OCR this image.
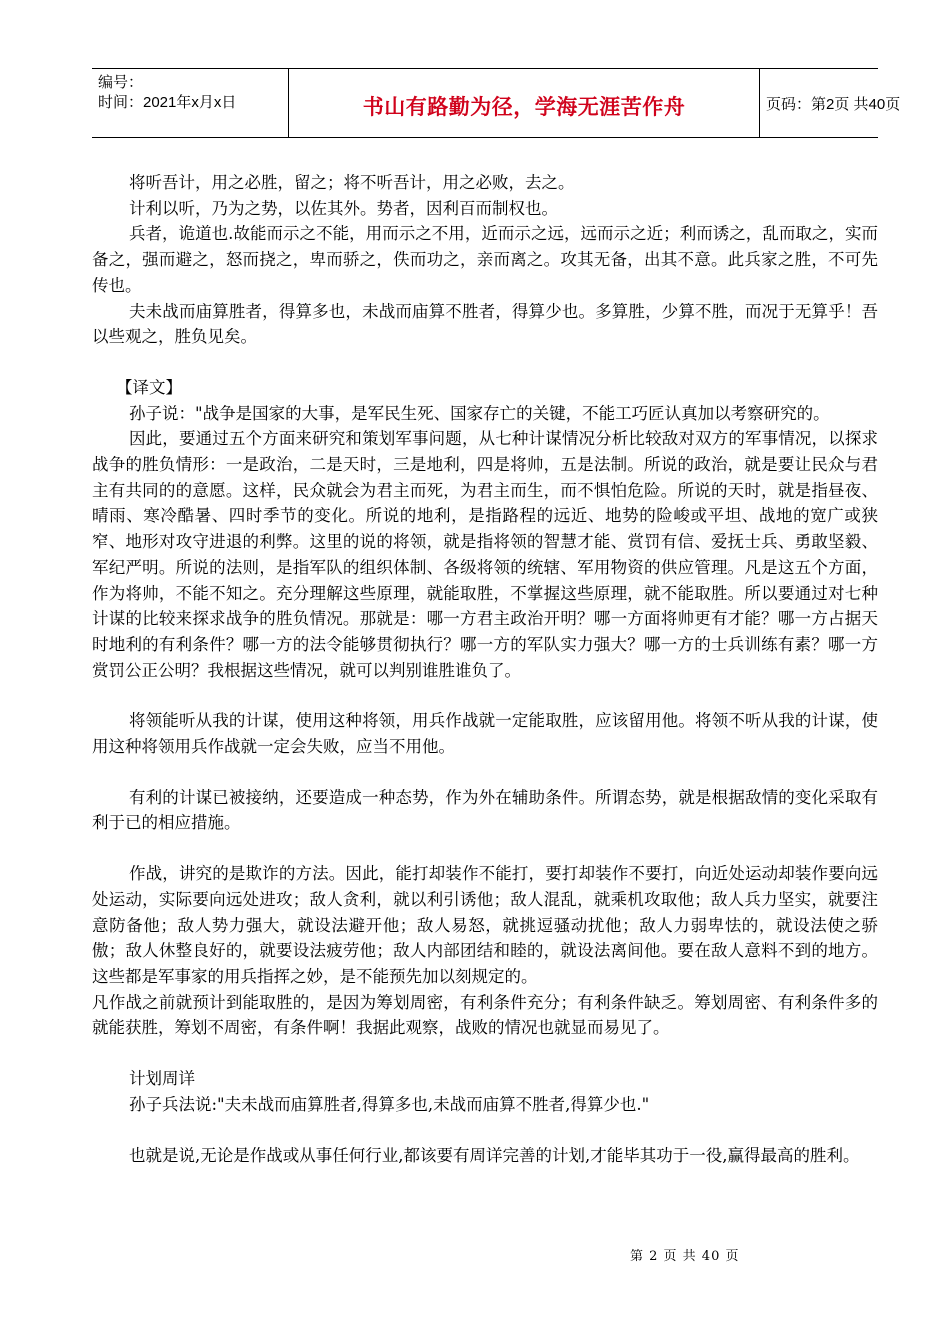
编号：
时间：2021年x月x日	书山有路勤为径，学海无涯苦作舟	页码：第2页 共40页

将听吾计，用之必胜，留之；将不听吾计，用之必败，去之。

计利以听，乃为之势，以佐其外。势者，因利百而制权也。

兵者，诡道也.故能而示之不能，用而示之不用，近而示之远，远而示之近；利而诱之，乱而取之，实而备之，强而避之，怒而挠之，卑而骄之，佚而功之，亲而离之。攻其无备，出其不意。此兵家之胜，不可先传也。

夫未战而庙算胜者，得算多也，未战而庙算不胜者，得算少也。多算胜，少算不胜，而况于无算乎！吾以些观之，胜负见矣。

【译文】

孙子说："战争是国家的大事，是军民生死、国家存亡的关键，不能工巧匠认真加以考察研究的。

因此，要通过五个方面来研究和策划军事问题，从七种计谋情况分析比较敌对双方的军事情况，以探求战争的胜负情形：一是政治，二是天时，三是地利，四是将帅，五是法制。所说的政治，就是要让民众与君主有共同的的意愿。这样，民众就会为君主而死，为君主而生，而不惧怕危险。所说的天时，就是指昼夜、晴雨、寒冷酷暑、四时季节的变化。所说的地利，是指路程的远近、地势的险峻或平坦、战地的宽广或狭窄、地形对攻守进退的利弊。这里的说的将领，就是指将领的智慧才能、赏罚有信、爱抚士兵、勇敢坚毅、军纪严明。所说的法则，是指军队的组织体制、各级将领的统辖、军用物资的供应管理。凡是这五个方面，作为将帅，不能不知之。充分理解这些原理，就能取胜，不掌握这些原理，就不能取胜。所以要通过对七种计谋的比较来探求战争的胜负情况。那就是：哪一方君主政治开明？哪一方面将帅更有才能？哪一方占据天时地利的有利条件？哪一方的法令能够贯彻执行？哪一方的军队实力强大？哪一方的士兵训练有素？哪一方赏罚公正公明？我根据这些情况，就可以判别谁胜谁负了。

将领能听从我的计谋，使用这种将领，用兵作战就一定能取胜，应该留用他。将领不听从我的计谋，使用这种将领用兵作战就一定会失败，应当不用他。

有利的计谋已被接纳，还要造成一种态势，作为外在辅助条件。所谓态势，就是根据敌情的变化采取有利于已的相应措施。

作战，讲究的是欺诈的方法。因此，能打却装作不能打，要打却装作不要打，向近处运动却装作要向远处运动，实际要向远处进攻；敌人贪利，就以利引诱他；敌人混乱，就乘机攻取他；敌人兵力坚实，就要注意防备他；敌人势力强大，就设法避开他；敌人易怒，就挑逗骚动扰他；敌人力弱卑怯的，就设法使之骄傲；敌人休整良好的，就要设法疲劳他；敌人内部团结和睦的，就设法离间他。要在敌人意料不到的地方。这些都是军事家的用兵指挥之妙，是不能预先加以刻规定的。

凡作战之前就预计到能取胜的，是因为筹划周密，有利条件充分；有利条件缺乏。筹划周密、有利条件多的就能获胜，筹划不周密，有条件啊！我据此观察，战败的情况也就显而易见了。

计划周详

孙子兵法说:"夫未战而庙算胜者,得算多也,未战而庙算不胜者,得算少也."

也就是说,无论是作战或从事任何行业,都该要有周详完善的计划,才能毕其功于一役,赢得最高的胜利。

第 2 页 共 40 页
